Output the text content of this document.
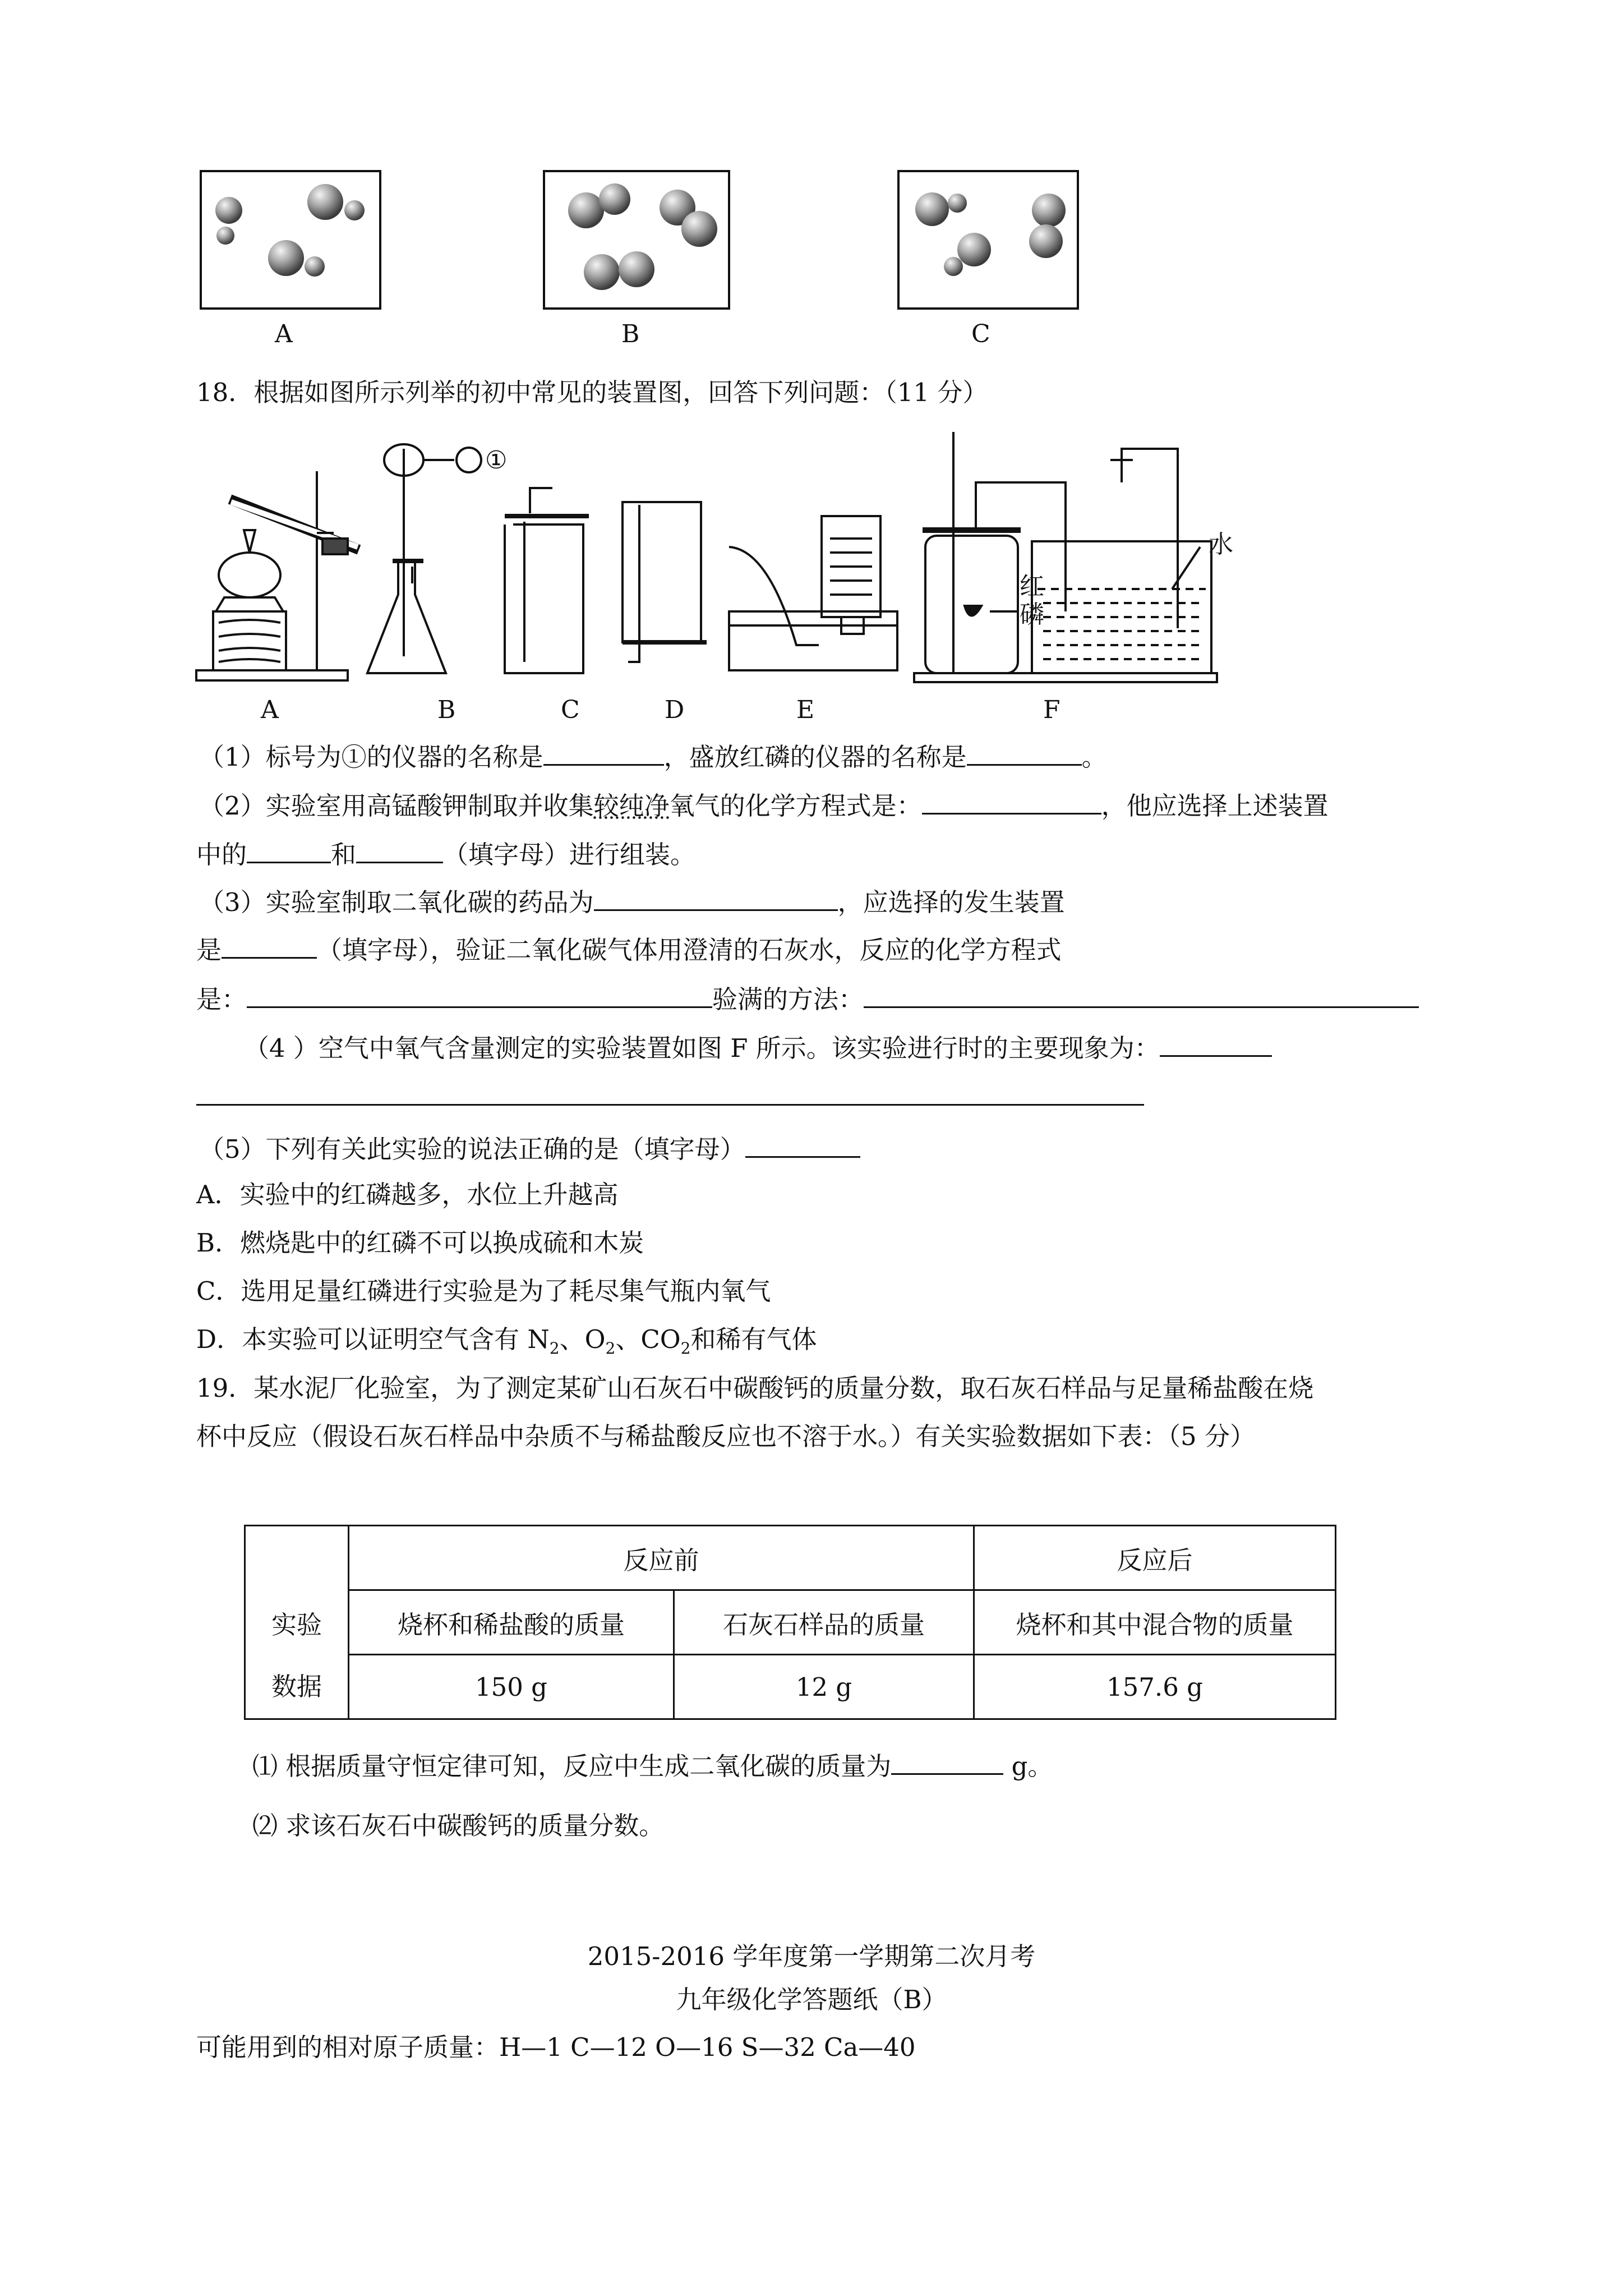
A	B	C
18．根据如图所示列举的初中常见的装置图，回答下列问题：（11 分）
①
红
磷
水
A	B	C	D	E	F
（1）标号为①的仪器的名称是	，盛放红磷的仪器的名称是	。
（2）实验室用高锰酸钾制取并收集较纯净氧气的化学方程式是：	，他应选择上述装置
中的	和	（填字母）进行组装。
（3）实验室制取二氧化碳的药品为	，应选择的发生装置
是	（填字母），验证二氧化碳气体用澄清的石灰水，反应的化学方程式
是：	验满的方法：
（4 ）空气中氧气含量测定的实验装置如图 F 所示。该实验进行时的主要现象为：
（5）下列有关此实验的说法正确的是（填字母）
A．实验中的红磷越多，水位上升越高
B．燃烧匙中的红磷不可以换成硫和木炭
C．选用足量红磷进行实验是为了耗尽集气瓶内氧气
D．本实验可以证明空气含有 $N_2$、$O_2$、$CO_2$和稀有气体
19．某水泥厂化验室，为了测定某矿山石灰石中碳酸钙的质量分数，取石灰石样品与足量稀盐酸在烧
杯中反应（假设石灰石样品中杂质不与稀盐酸反应也不溶于水。）有关实验数据如下表：（5 分）
实验
数据	反应前		反应后
	烧杯和稀盐酸的质量	石灰石样品的质量	烧杯和其中混合物的质量
	150 g	12 g	157.6 g
⑴ 根据质量守恒定律可知，反应中生成二氧化碳的质量为	g。
⑵ 求该石灰石中碳酸钙的质量分数。
2015-2016 学年度第一学期第二次月考
九年级化学答题纸（B）
可能用到的相对原子质量：H—1 C—12 O—16 S—32 Ca—40
